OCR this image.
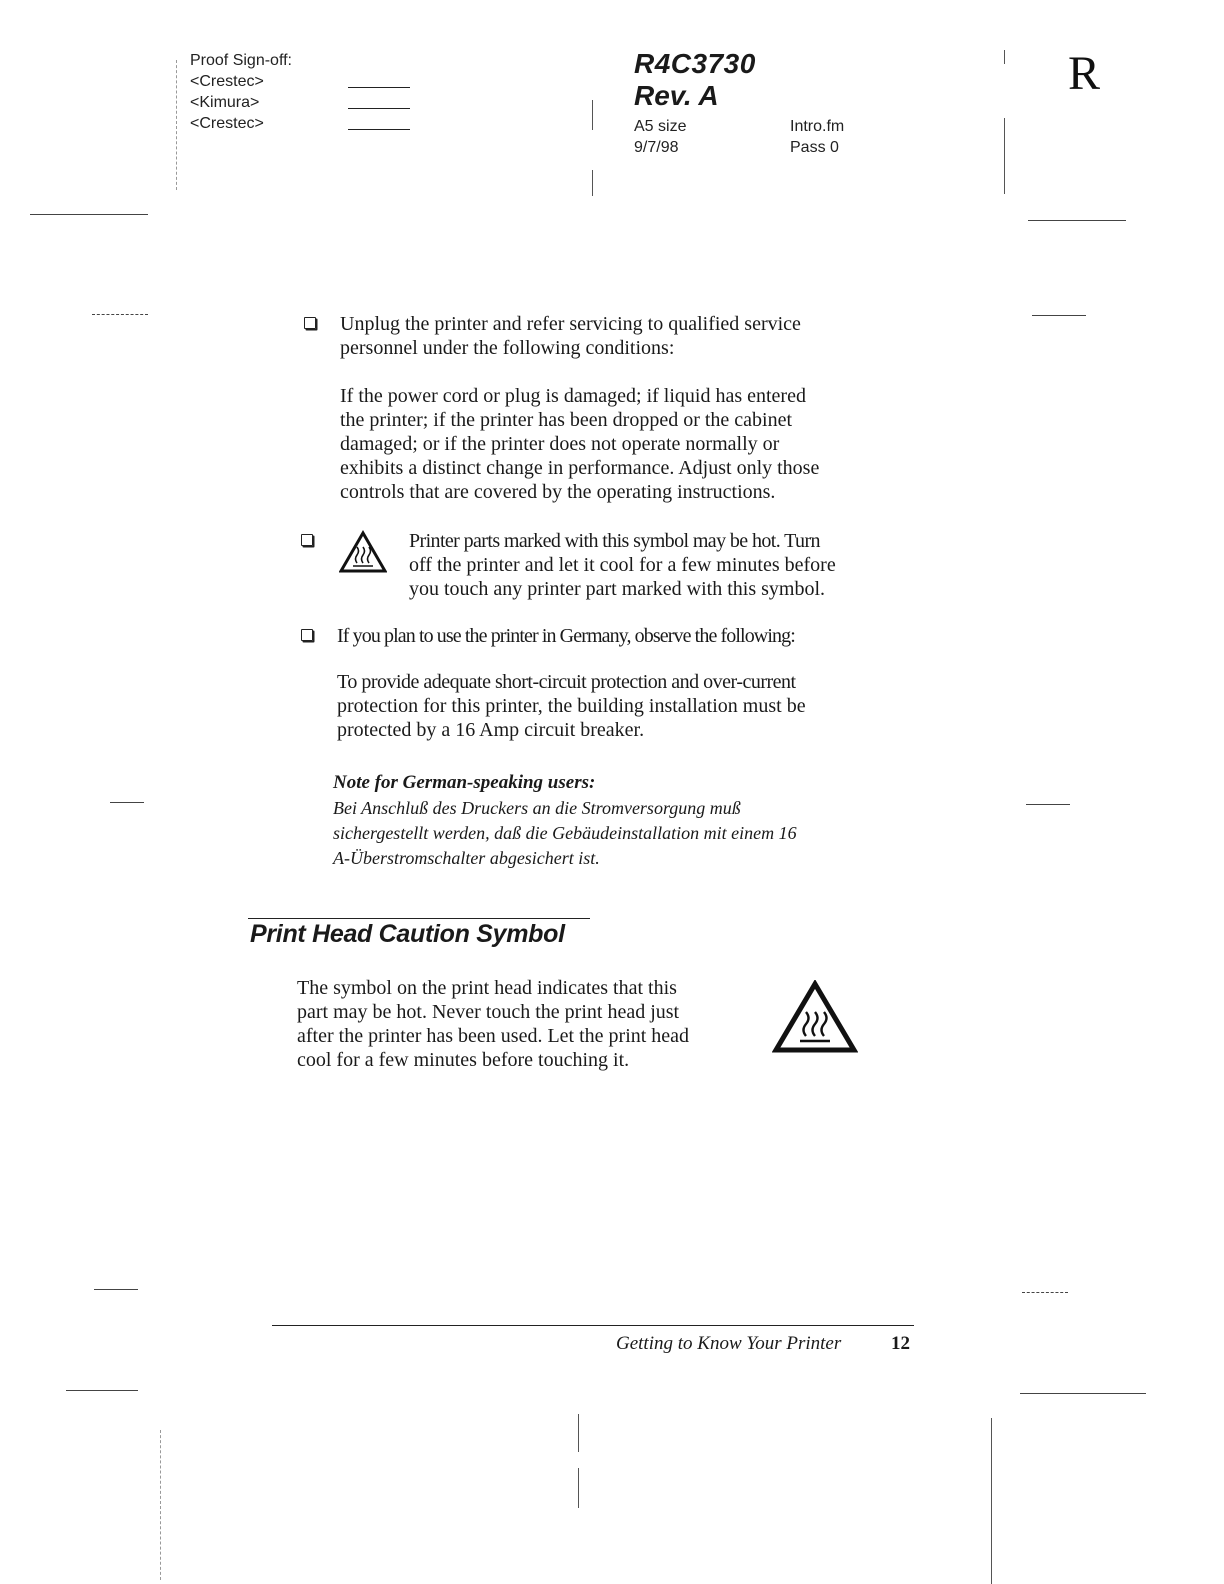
Proof Sign-off:
<Crestec>
<Kimura>
<Crestec>
R4C3730
Rev. A
A5 size
9/7/98
Intro.fm
Pass 0
R
Unplug the printer and refer servicing to qualified service
personnel under the following conditions:
If the power cord or plug is damaged; if liquid has entered
the printer; if the printer has been dropped or the cabinet
damaged; or if the printer does not operate normally or
exhibits a distinct change in performance. Adjust only those
controls that are covered by the operating instructions.
Printer parts marked with this symbol may be hot. Turn
off the printer and let it cool for a few minutes before
you touch any printer part marked with this symbol.
If you plan to use the printer in Germany, observe the following:
To provide adequate short-circuit protection and over-current
protection for this printer, the building installation must be
protected by a 16 Amp circuit breaker.
Note for German-speaking users:
Bei Anschluß des Druckers an die Stromversorgung muß
sichergestellt werden, daß die Gebäudeinstallation mit einem 16
A-Überstromschalter abgesichert ist.
Print Head Caution Symbol
The symbol on the print head indicates that this
part may be hot. Never touch the print head just
after the printer has been used. Let the print head
cool for a few minutes before touching it.
Getting to Know Your Printer	12
